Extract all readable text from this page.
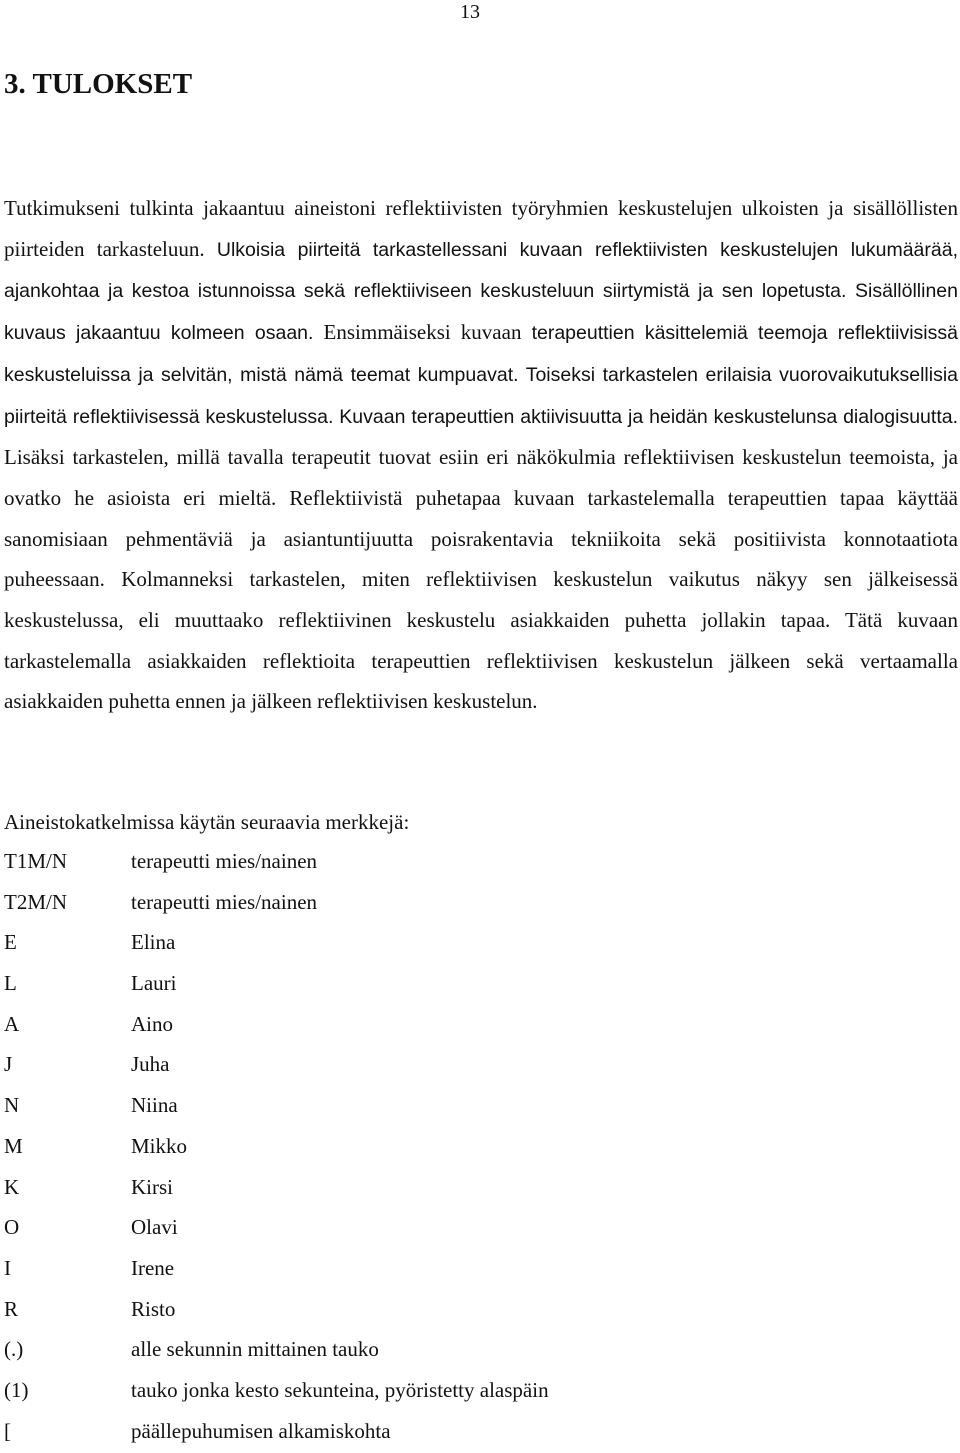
13
3. TULOKSET

Tutkimukseni tulkinta jakaantuu aineistoni reflektiivisten työryhmien keskustelujen ulkoisten ja sisällöllisten piirteiden tarkasteluun. Ulkoisia piirteitä tarkastellessani kuvaan reflektiivisten keskustelujen lukumäärää, ajankohtaa ja kestoa istunnoissa sekä reflektiiviseen keskusteluun siirtymistä ja sen lopetusta. Sisällöllinen kuvaus jakaantuu kolmeen osaan. Ensimmäiseksi kuvaan terapeuttien käsittelemiä teemoja reflektiivisissä keskusteluissa ja selvitän, mistä nämä teemat kumpuavat. Toiseksi tarkastelen erilaisia vuorovaikutuksellisia piirteitä reflektiivisessä keskustelussa. Kuvaan terapeuttien aktiivisuutta ja heidän keskustelunsa dialogisuutta. Lisäksi tarkastelen, millä tavalla terapeutit tuovat esiin eri näkökulmia reflektiivisen keskustelun teemoista, ja ovatko he asioista eri mieltä. Reflektiivistä puhetapaa kuvaan tarkastelemalla terapeuttien tapaa käyttää sanomisiaan pehmentäviä ja asiantuntijuutta poisrakentavia tekniikoita sekä positiivista konnotaatiota puheessaan. Kolmanneksi tarkastelen, miten reflektiivisen keskustelun vaikutus näkyy sen jälkeisessä keskustelussa, eli muuttaako reflektiivinen keskustelu asiakkaiden puhetta jollakin tapaa. Tätä kuvaan tarkastelemalla asiakkaiden reflektioita terapeuttien reflektiivisen keskustelun jälkeen sekä vertaamalla asiakkaiden puhetta ennen ja jälkeen reflektiivisen keskustelun.

Aineistokatkelmissa käytän seuraavia merkkejä:

T1M/N	terapeutti mies/nainen
T2M/N	terapeutti mies/nainen
E	Elina
L	Lauri
A	Aino
J	Juha
N	Niina
M	Mikko
K	Kirsi
O	Olavi
I	Irene
R	Risto
(.)	alle sekunnin mittainen tauko
(1)	tauko jonka kesto sekunteina, pyöristetty alaspäin
[	päällepuhumisen alkamiskohta
